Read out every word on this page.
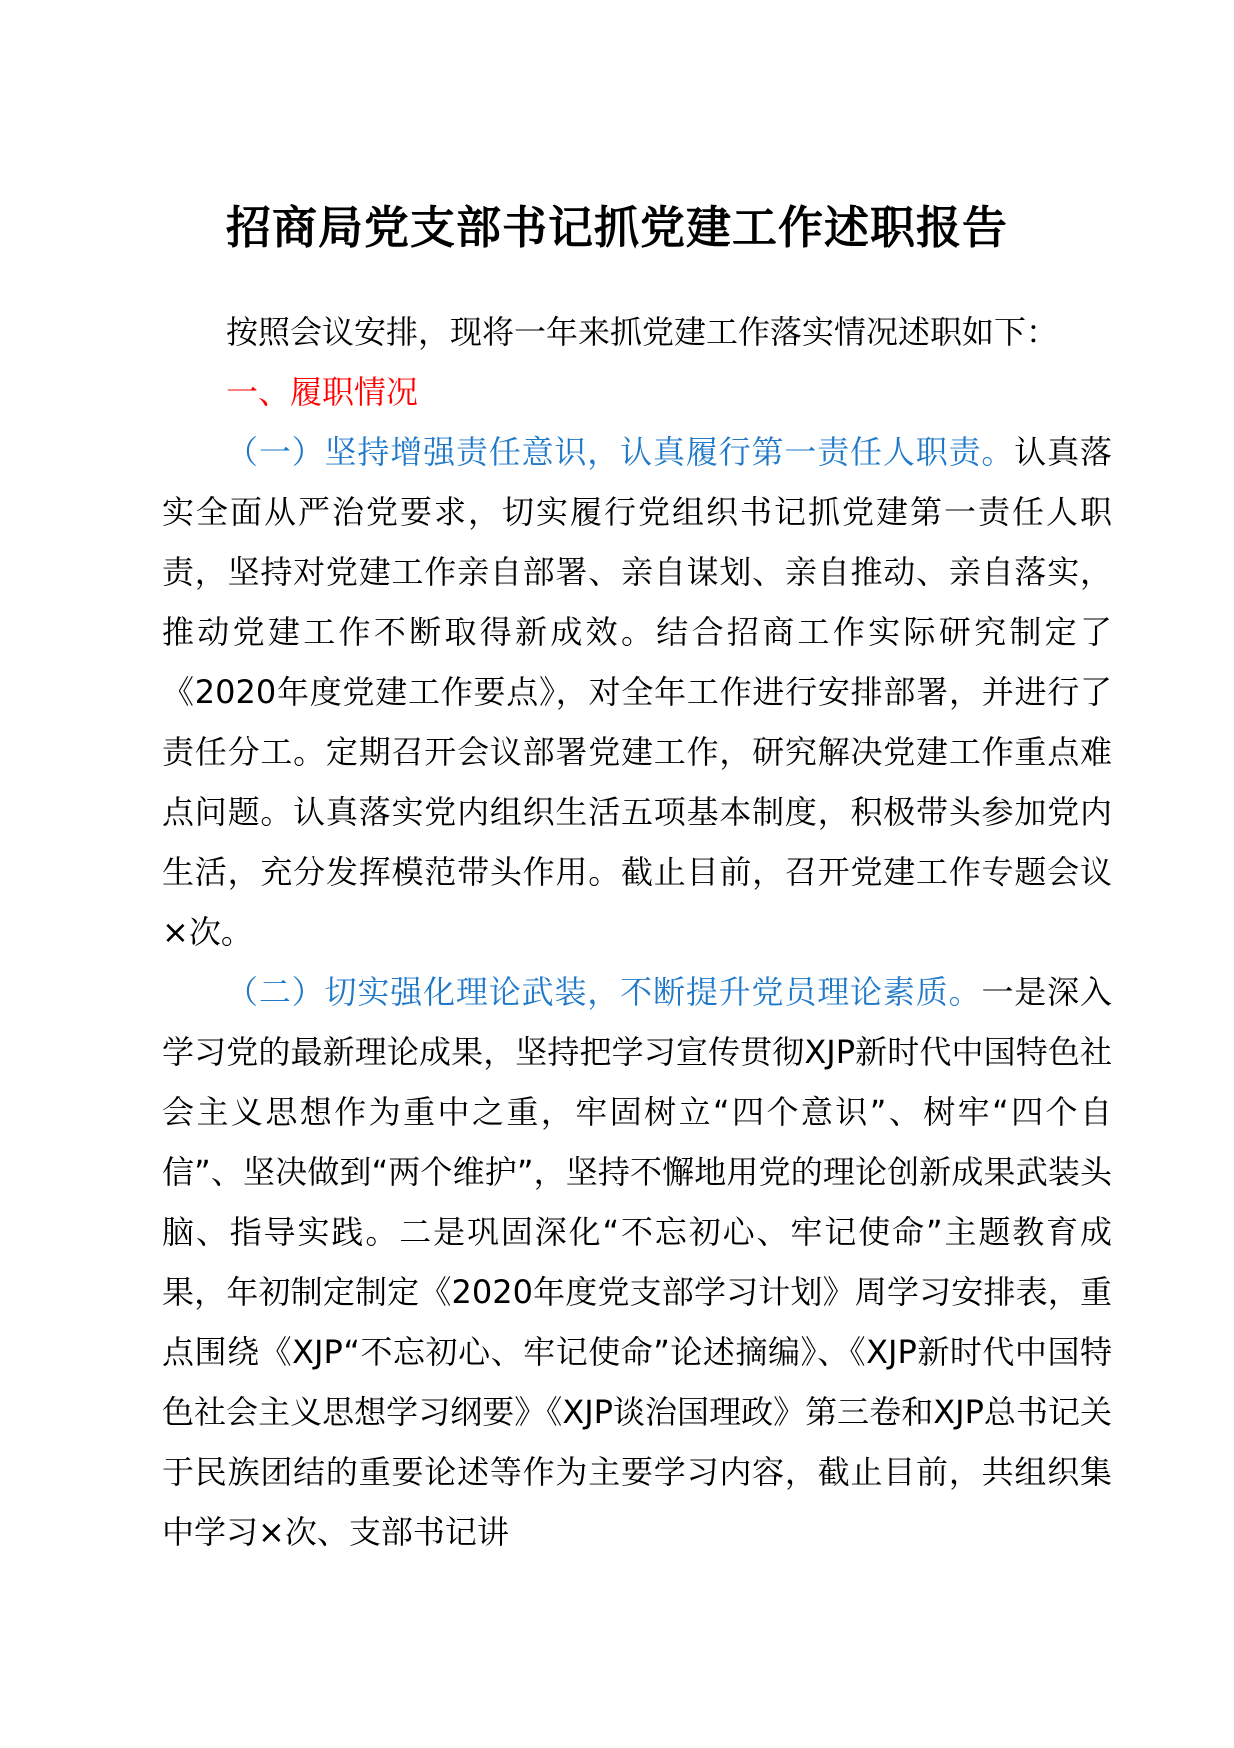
招商局党支部书记抓党建工作述职报告

按照会议安排，现将一年来抓党建工作落实情况述职如下：

一、履职情况

（一）坚持增强责任意识，认真履行第一责任人职责。认真落实全面从严治党要求，切实履行党组织书记抓党建第一责任人职责，坚持对党建工作亲自部署、亲自谋划、亲自推动、亲自落实，推动党建工作不断取得新成效。结合招商工作实际研究制定了《2020年度党建工作要点》，对全年工作进行安排部署，并进行了责任分工。定期召开会议部署党建工作，研究解决党建工作重点难点问题。认真落实党内组织生活五项基本制度，积极带头参加党内生活，充分发挥模范带头作用。截止目前，召开党建工作专题会议×次。

（二）切实强化理论武装，不断提升党员理论素质。一是深入学习党的最新理论成果，坚持把学习宣传贯彻XJP新时代中国特色社会主义思想作为重中之重，牢固树立“四个意识”、树牢“四个自信”、坚决做到“两个维护”，坚持不懈地用党的理论创新成果武装头脑、指导实践。二是巩固深化“不忘初心、牢记使命”主题教育成果，年初制定制定《2020年度党支部学习计划》周学习安排表，重点围绕《XJP“不忘初心、牢记使命”论述摘编》、《XJP新时代中国特色社会主义思想学习纲要》《XJP谈治国理政》第三卷和XJP总书记关于民族团结的重要论述等作为主要学习内容，截止目前，共组织集中学习×次、支部书记讲
